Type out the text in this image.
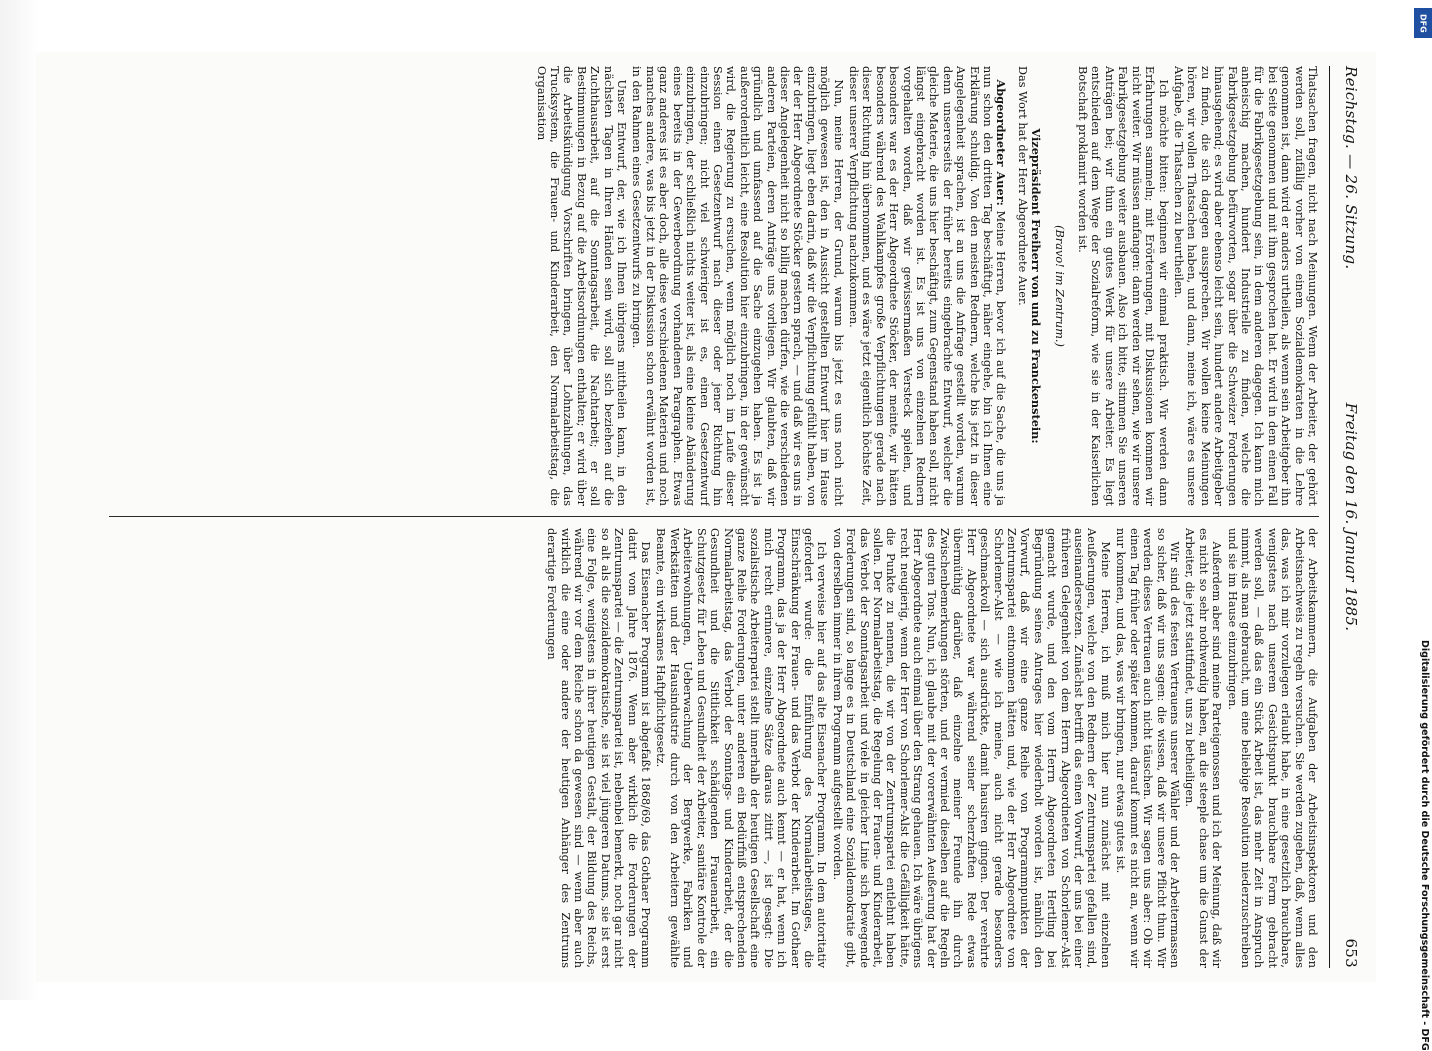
Reichstag. — 26. Sitzung.
Freitag den 16. Januar 1885.
653

Thatsachen fragen, nicht nach Meinungen. Wenn der Arbeiter, der gehört werden soll, zufällig vorher von einem Sozialdemokraten in die Lehre genommen ist, dann wird er anders urtheilen, als wenn sein Arbeitgeber ihn bei Seite genommen und mit ihm gesprochen hat. Er wird in dem einen Fall für die Fabrikgesetzgebung sein, in dem anderen dagegen. Ich kann mich anheischig machen, hundert Industrielle zu finden, welche die Fabrikgesetzgebung befürworten, sogar über die Schweizer Forderungen hinausgehend; es wird aber ebenso leicht sein, hundert andere Arbeitgeber zu finden, die sich dagegen aussprechen. Wir wollen keine Meinungen hören, wir wollen Thatsachen haben, und dann, meine ich, wäre es unsere Aufgabe, die Thatsachen zu beurtheilen.

Ich möchte bitten: beginnen wir einmal praktisch. Wir werden dann Erfahrungen sammeln; mit Erörterungen, mit Diskussionen kommen wir nicht weiter. Wir müssen anfangen: dann werden wir sehen, wie wir unsere Fabrikgesetzgebung weiter ausbauen. Also ich bitte, stimmen Sie unseren Anträgen bei; wir thun ein gutes Werk für unsere Arbeiter. Es liegt entschieden auf dem Wege der Sozialreform, wie sie in der Kaiserlichen Botschaft proklamirt worden ist.

(Bravo! im Zentrum.)

Vizepräsident Freiherr von und zu Franckenstein:

Das Wort hat der Herr Abgeordnete Auer.

Abgeordneter Auer: Meine Herren, bevor ich auf die Sache, die uns ja nun schon den dritten Tag beschäftigt, näher eingehe, bin ich Ihnen eine Erklärung schuldig. Von den meisten Rednern, welche bis jetzt in dieser Angelegenheit sprachen, ist an uns die Anfrage gestellt worden, warum denn unsererseits der früher bereits eingebrachte Entwurf, welcher die gleiche Materie, die uns hier beschäftigt, zum Gegenstand haben soll, nicht längst eingebracht worden ist. Es ist uns von einzelnen Rednern vorgehalten worden, daß wir gewissermaßen Versteck spielen, und besonders war es der Herr Abgeordnete Stöcker, der meinte, wir hätten besonders während des Wahlkampfes große Verpflichtungen gerade nach dieser Richtung hin übernommen, und es wäre jetzt eigentlich höchste Zeit, dieser unserer Verpflichtung nachzukommen.

Nun, meine Herren, der Grund, warum bis jetzt es uns noch nicht möglich gewesen ist, den in Aussicht gestellten Entwurf hier im Hause einzubringen, liegt eben darin, daß wir die Verpflichtung gefühlt haben, von der der Herr Abgeordnete Stöcker gestern sprach, — und daß wir es uns in dieser Angelegenheit nicht so billig machen dürfen, wie die verschiedenen anderen Parteien, deren Anträge uns vorliegen. Wir glaubten, daß wir gründlich und umfassend auf die Sache einzugehen haben. Es ist ja außerordentlich leicht, eine Resolution hier einzubringen, in der gewünscht wird, die Regierung zu ersuchen, wenn möglich noch im Laufe dieser Session einen Gesetzentwurf nach dieser oder jener Richtung hin einzubringen; nicht viel schwieriger ist es, einen Gesetzentwurf einzubringen, der schließlich nichts weiter ist, als eine kleine Abänderung eines bereits in der Gewerbeordnung vorhandenen Paragraphen. Etwas ganz anderes ist es aber doch, alle diese verschiedenen Materien und noch manches andere, was bis jetzt in der Diskussion schon erwähnt worden ist, in den Rahmen eines Gesetzentwurfs zu bringen.

Unser Entwurf, der, wie ich Ihnen übrigens mittheilen kann, in den nächsten Tagen in Ihren Händen sein wird, soll sich beziehen auf die Zuchthausarbeit, auf die Sonntagsarbeit, die Nachtarbeit; er soll Bestimmungen in Bezug auf die Arbeitsordnungen enthalten; er wird über die Arbeitskündigung Vorschriften bringen, über Lohnzahlungen, das Trucksystem, die Frauen- und Kinderarbeit, den Normalarbeitstag, die Organisation

der Arbeitskammern, die Aufgaben der Arbeitsinspektoren und den Arbeitsnachweis zu regeln versuchen. Sie werden zugeben, daß, wenn alles das, was ich mir vorzulegen erlaubt habe, in eine gesetzlich brauchbare, wenigstens nach unserem Gesichtspunkt brauchbare Form gebracht werden soll, — daß das ein Stück Arbeit ist, das mehr Zeit in Anspruch nimmt, als man gebraucht, um eine beliebige Resolution niederzuschreiben und sie im Hause einzubringen.

Außerdem aber sind meine Parteigenossen und ich der Meinung, daß wir es nicht so sehr nothwendig haben, an die steeple chase um die Gunst der Arbeiter, die jetzt stattfindet, uns zu betheiligen.

Wir sind des festen Vertrauens unserer Wähler und der Arbeitermassen so sicher, daß wir uns sagen: die wissen, daß wir unsere Pflicht thun. Wir werden dieses Vertrauen auch nicht täuschen. Wir sagen uns aber: Ob wir einen Tag früher oder später kommen, darauf kommt es nicht an, wenn wir nur kommen, und das, was wir bringen, nur etwas gutes ist.

Meine Herren, ich muß mich hier nun zunächst mit einzelnen Aeußerungen, welche von den Rednern der Zentrumspartei gefallen sind, auseinandersetzen. Zunächst betrifft das einen Vorwurf, der uns bei einer früheren Gelegenheit von dem Herrn Abgeordneten von Schorlemer-Alst gemacht wurde, und den vom Herrn Abgeordneten Hertling bei Begründung seines Antrages hier wiederholt worden ist, nämlich den Vorwurf, daß wir eine ganze Reihe von Programmpunkten der Zentrumspartei entnommen hätten und, wie der Herr Abgeordnete von Schorlemer-Alst — wie ich meine, auch nicht gerade besonders geschmackvoll — sich ausdrückte, damit hausiren gingen. Der verehrte Herr Abgeordnete war während seiner scherzhaften Rede etwas übermüthig darüber, daß einzelne meiner Freunde ihn durch Zwischenbemerkungen störten, und er vermied dieselben auf die Regeln des guten Tons. Nun, ich glaube mit der vorerwähnten Aeußerung hat der Herr Abgeordnete auch einmal über den Strang gehauen. Ich wäre übrigens recht neugierig, wenn der Herr von Schorlemer-Alst die Gefälligkeit hätte, die Punkte zu nennen, die wir von der Zentrumspartei entlehnt haben sollen. Der Normalarbeitstag, die Regelung der Frauen- und Kinderarbeit, das Verbot der Sonntagsarbeit und viele in gleicher Linie sich bewegende Forderungen sind, so lange es in Deutschland eine Sozialdemokratie gibt, von derselben immer in ihrem Programm aufgestellt worden.

Ich verweise hier auf das alte Eisenacher Programm. In dem autoritativ gefordert wurde: die Einführung des Normalarbeitstages, die Einschränkung der Frauen- und das Verbot der Kinderarbeit. Im Gothaer Programm, das ja der Herr Abgeordnete auch kennt — er hat, wenn ich mich recht erinnere, einzelne Sätze daraus zitirt —, ist gesagt: Die sozialistische Arbeiterpartei stellt innerhalb der heutigen Gesellschaft eine ganze Reihe Forderungen, unter anderen ein Bedürfniß entsprechenden Normalarbeitstag, das Verbot der Sonntags- und Kinderarbeit, der die Gesundheit und die Sittlichkeit schädigenden Frauenarbeit, ein Schutzgesetz für Leben und Gesundheit der Arbeiter, sanitäre Kontrole der Arbeiterwohnungen, Ueberwachung der Bergwerke, Fabriken und Werkstätten und der Hausindustrie durch von den Arbeitern gewählte Beamte, ein wirksames Haftpflichtgesetz.

Das Eisenacher Programm ist abgefaßt 1868/69, das Gothaer Programm datirt vom Jahre 1876. Wenn aber wirklich die Forderungen der Zentrumspartei — die Zentrumspartei ist, nebenbei bemerkt, noch gar nicht so alt als die sozialdemokratische, sie ist viel jüngeren Datums, sie ist erst eine Folge, wenigstens in ihrer heutigen Gestalt, der Bildung des Reichs, während wir vor dem Reiche schon da gewesen sind — wenn aber auch wirklich die eine oder andere der heutigen Anhänger des Zentrums derartige Forderungen

DFG
Digitalisierung gefördert durch die Deutsche Forschungsgemeinschaft - DFG
